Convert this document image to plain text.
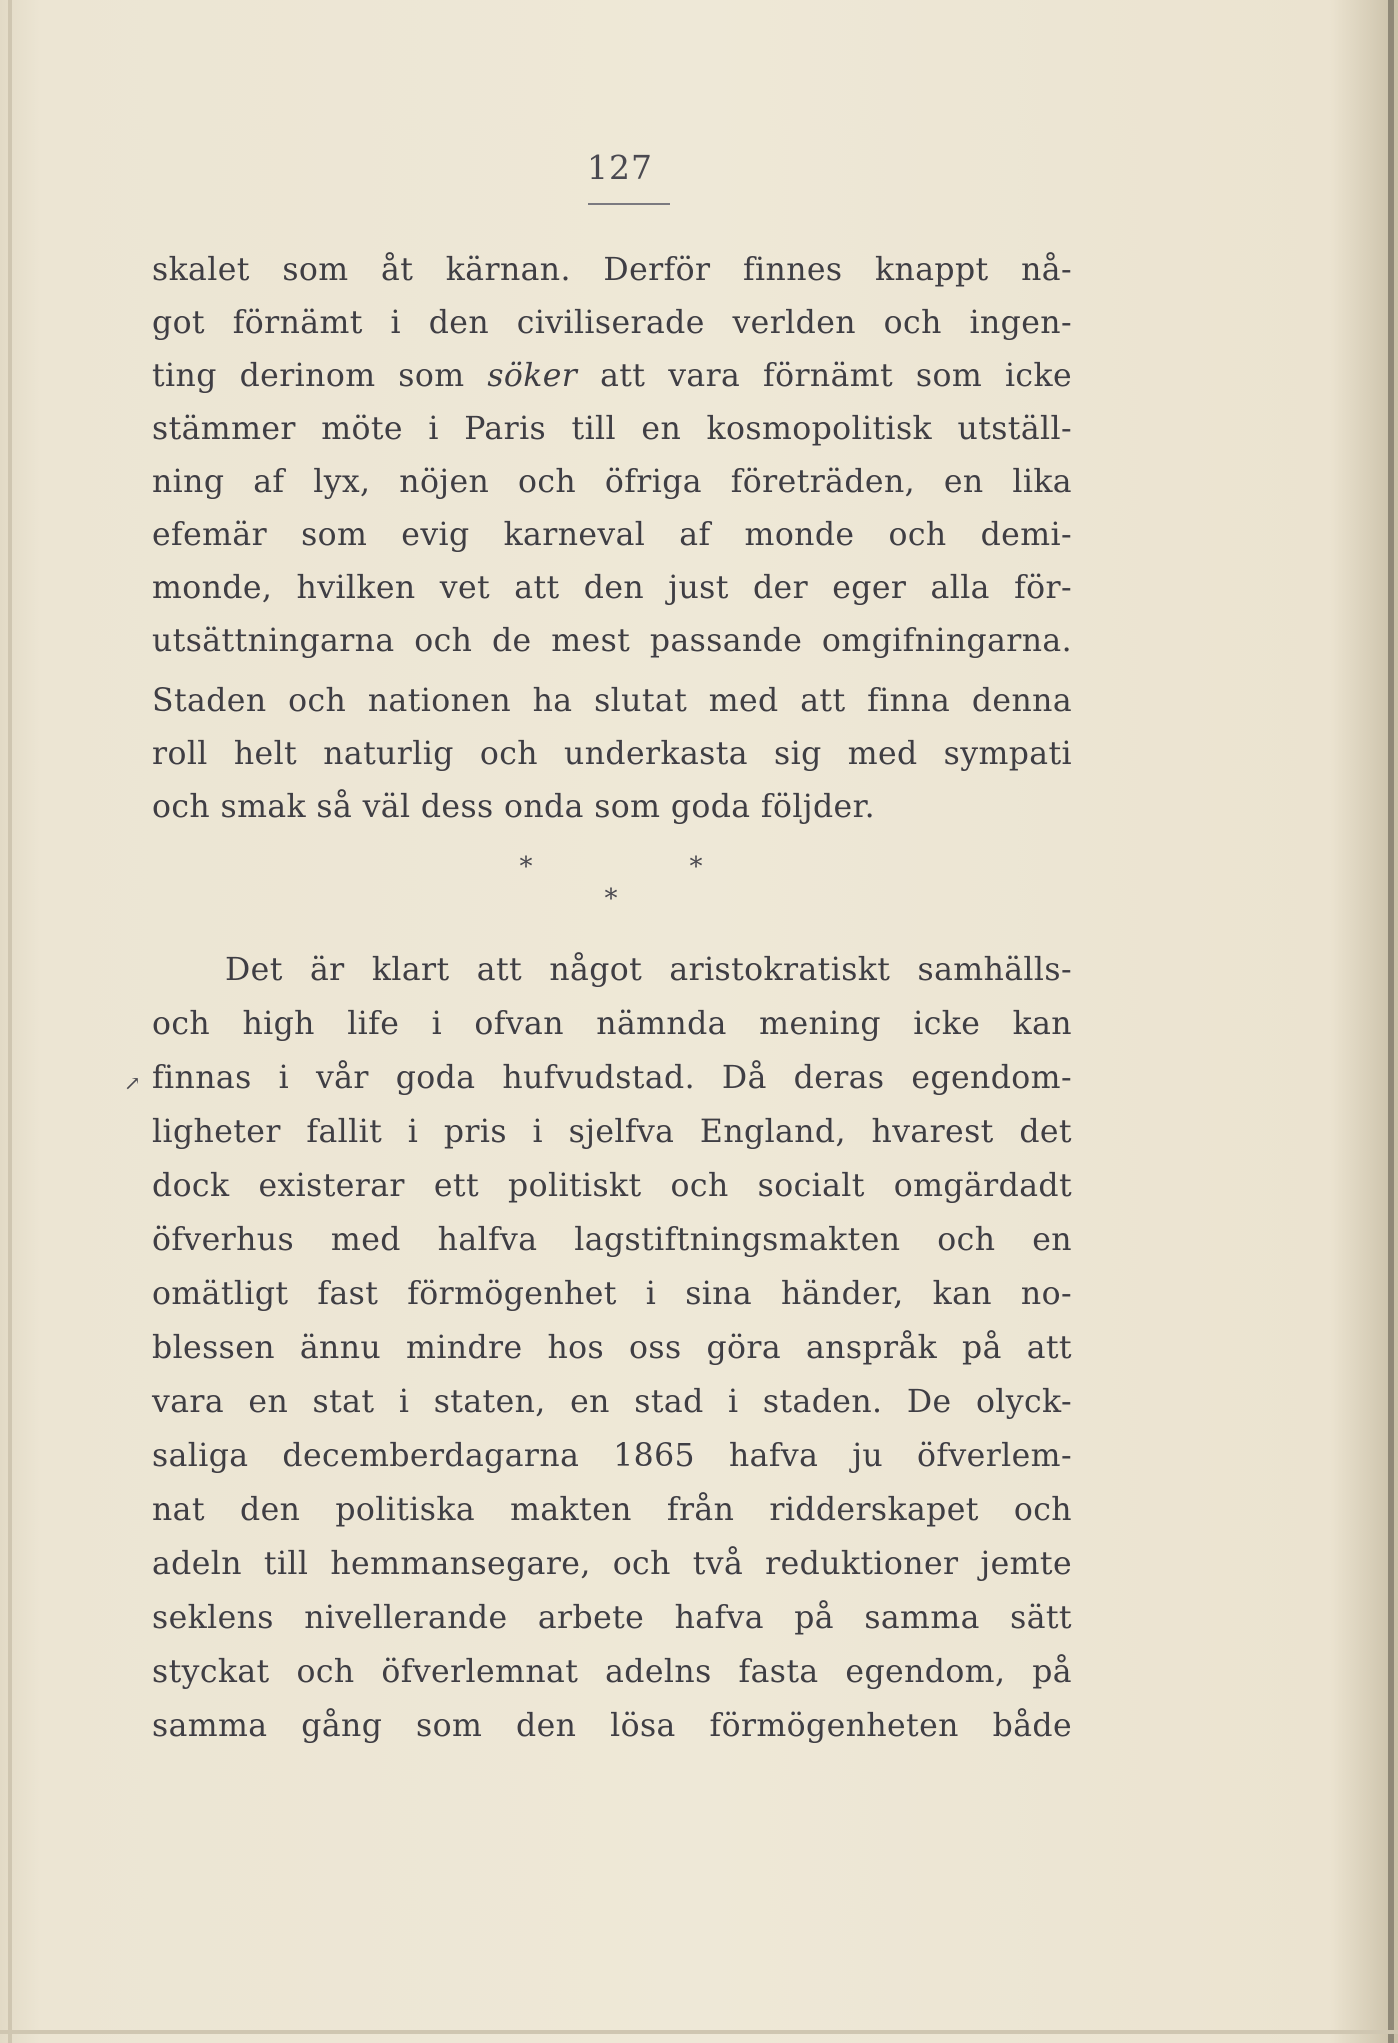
127
skalet som åt kärnan. Derför finnes knappt nå-
got förnämt i den civiliserade verlden och ingen-
ting derinom som söker att vara förnämt som icke
stämmer möte i Paris till en kosmopolitisk utställ-
ning af lyx, nöjen och öfriga företräden, en lika
efemär som evig karneval af monde och demi-
monde, hvilken vet att den just der eger alla för-
utsättningarna och de mest passande omgifningarna.
Staden och nationen ha slutat med att finna denna
roll helt naturlig och underkasta sig med sympati
och smak så väl dess onda som goda följder.
*	*
*
Det är klart att något aristokratiskt samhälls-
och high life i ofvan nämnda mening icke kan
↗ finnas i vår goda hufvudstad. Då deras egendom-
ligheter fallit i pris i sjelfva England, hvarest det
dock existerar ett politiskt och socialt omgärdadt
öfverhus med halfva lagstiftningsmakten och en
omätligt fast förmögenhet i sina händer, kan no-
blessen ännu mindre hos oss göra anspråk på att
vara en stat i staten, en stad i staden. De olyck-
saliga decemberdagarna 1865 hafva ju öfverlem-
nat den politiska makten från ridderskapet och
adeln till hemmansegare, och två reduktioner jemte
seklens nivellerande arbete hafva på samma sätt
styckat och öfverlemnat adelns fasta egendom, på
samma gång som den lösa förmögenheten både
